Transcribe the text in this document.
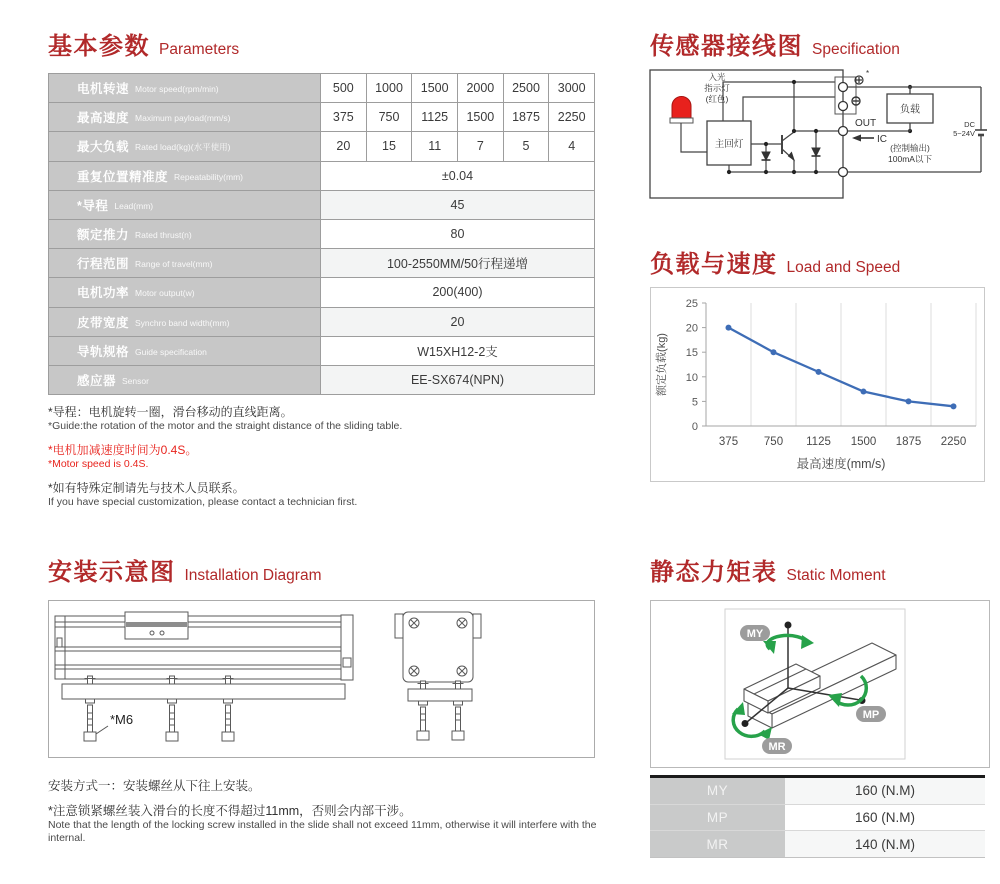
基本参数 Parameters
电机转速 Motor speed(rpm/min)	500	1000	1500	2000	2500	3000
最高速度 Maximum payload(mm/s)	375	750	1125	1500	1875	2250
最大负载 Rated load(kg)(水平使用)	20	15	11	7	5	4
重复位置精准度 Repeatability(mm)	±0.04
*导程 Lead(mm)	45
额定推力 Rated thrust(n)	80
行程范围 Range of travel(mm)	100-2550MM/50行程递增
电机功率 Motor output(w)	200(400)
皮带宽度 Synchro band width(mm)	20
导轨规格 Guide specification	W15XH12-2支
感应器 Sensor	EE-SX674(NPN)
*导程：电机旋转一圈，滑台移动的直线距离。
*Guide:the rotation of the motor and the straight distance of the sliding table.
*电机加减速度时间为0.4S。
*Motor speed is 0.4S.
*如有特殊定制请先与技术人员联系。
If you have special customization, please contact a technician first.
传感器接线图 Specification
主回灯
入光
指示灯
(红色)
*
负载
OUT
IC
(控制输出)
100mA以下
DC
5~24V
负载与速度 Load and Speed
0
5
10
15
20
25
375 750 1125 1500 1875 2250
额定负载(kg)
最高速度(mm/s)
安装示意图 Installation Diagram
*M6
安装方式一：安装螺丝从下往上安装。
*注意锁紧螺丝装入滑台的长度不得超过11mm，否则会内部干涉。
Note that the length of the locking screw installed in the slide shall not exceed 11mm, otherwise it will interfere with the internal.
静态力矩表 Static Moment
MY
MP
MR
MY	160 (N.M)
MP	160 (N.M)
MR	140 (N.M)
